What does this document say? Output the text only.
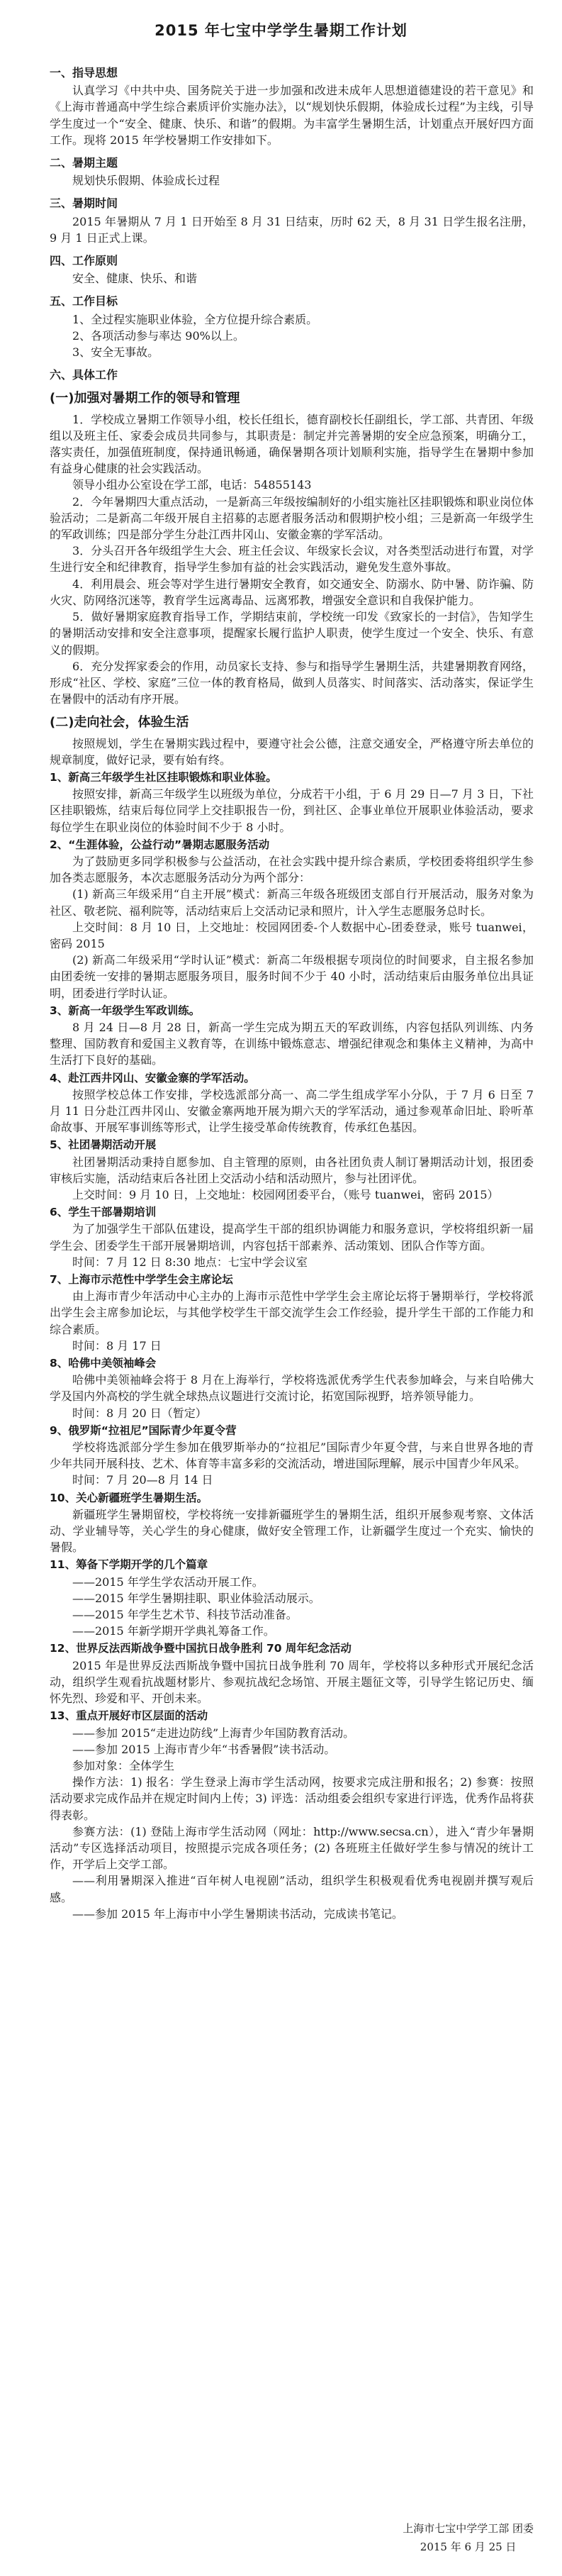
2015 年七宝中学学生暑期工作计划

一、指导思想

认真学习《中共中央、国务院关于进一步加强和改进未成年人思想道德建设的若干意见》和《上海市普通高中学生综合素质评价实施办法》，以“规划快乐假期，体验成长过程”为主线，引导学生度过一个“安全、健康、快乐、和谐”的假期。为丰富学生暑期生活，计划重点开展好四方面工作。现将 2015 年学校暑期工作安排如下。

二、暑期主题

规划快乐假期、体验成长过程

三、暑期时间

2015 年暑期从 7 月 1 日开始至 8 月 31 日结束，历时 62 天，8 月 31 日学生报名注册，9 月 1 日正式上课。

四、工作原则

安全、健康、快乐、和谐

五、工作目标

1、全过程实施职业体验，全方位提升综合素质。

2、各项活动参与率达 90%以上。

3、安全无事故。

六、具体工作

(一)加强对暑期工作的领导和管理

1．学校成立暑期工作领导小组，校长任组长，德育副校长任副组长，学工部、共青团、年级组以及班主任、家委会成员共同参与，其职责是：制定并完善暑期的安全应急预案，明确分工，落实责任，加强值班制度，保持通讯畅通，确保暑期各项计划顺利实施，指导学生在暑期中参加有益身心健康的社会实践活动。

领导小组办公室设在学工部，电话：54855143

2．今年暑期四大重点活动，一是新高三年级按编制好的小组实施社区挂职锻炼和职业岗位体验活动；二是新高二年级开展自主招募的志愿者服务活动和假期护校小组；三是新高一年级学生的军政训练；四是部分学生分赴江西井冈山、安徽金寨的学军活动。

3．分头召开各年级组学生大会、班主任会议、年级家长会议，对各类型活动进行布置，对学生进行安全和纪律教育，指导学生参加有益的社会实践活动，避免发生意外事故。

4．利用晨会、班会等对学生进行暑期安全教育，如交通安全、防溺水、防中暑、防诈骗、防火灾、防网络沉迷等，教育学生远离毒品、远离邪教，增强安全意识和自我保护能力。

5．做好暑期家庭教育指导工作，学期结束前，学校统一印发《致家长的一封信》，告知学生的暑期活动安排和安全注意事项，提醒家长履行监护人职责，使学生度过一个安全、快乐、有意义的假期。

6．充分发挥家委会的作用，动员家长支持、参与和指导学生暑期生活，共建暑期教育网络，形成“社区、学校、家庭”三位一体的教育格局，做到人员落实、时间落实、活动落实，保证学生在暑假中的活动有序开展。

(二)走向社会，体验生活

按照规划，学生在暑期实践过程中，要遵守社会公德，注意交通安全，严格遵守所去单位的规章制度，做好记录，要有始有终。

1、新高三年级学生社区挂职锻炼和职业体验。

按照安排，新高三年级学生以班级为单位，分成若干小组，于 6 月 29 日—7 月 3 日，下社区挂职锻炼，结束后每位同学上交挂职报告一份，到社区、企事业单位开展职业体验活动，要求每位学生在职业岗位的体验时间不少于 8 小时。

2、“生涯体验，公益行动”暑期志愿服务活动

为了鼓励更多同学积极参与公益活动，在社会实践中提升综合素质，学校团委将组织学生参加各类志愿服务，本次志愿服务活动分为两个部分：

(1) 新高三年级采用“自主开展”模式：新高三年级各班级团支部自行开展活动，服务对象为社区、敬老院、福利院等，活动结束后上交活动记录和照片，计入学生志愿服务总时长。

上交时间：8 月 10 日，上交地址：校园网团委-个人数据中心-团委登录，账号 tuanwei，密码 2015

(2) 新高二年级采用“学时认证”模式：新高二年级根据专项岗位的时间要求，自主报名参加由团委统一安排的暑期志愿服务项目，服务时间不少于 40 小时，活动结束后由服务单位出具证明，团委进行学时认证。

3、新高一年级学生军政训练。

8 月 24 日—8 月 28 日，新高一学生完成为期五天的军政训练，内容包括队列训练、内务整理、国防教育和爱国主义教育等，在训练中锻炼意志、增强纪律观念和集体主义精神，为高中生活打下良好的基础。

4、赴江西井冈山、安徽金寨的学军活动。

按照学校总体工作安排，学校选派部分高一、高二学生组成学军小分队，于 7 月 6 日至 7 月 11 日分赴江西井冈山、安徽金寨两地开展为期六天的学军活动，通过参观革命旧址、聆听革命故事、开展军事训练等形式，让学生接受革命传统教育，传承红色基因。

5、社团暑期活动开展

社团暑期活动秉持自愿参加、自主管理的原则，由各社团负责人制订暑期活动计划，报团委审核后实施，活动结束后各社团上交活动小结和活动照片，参与社团评优。

上交时间：9 月 10 日，上交地址：校园网团委平台，（账号 tuanwei，密码 2015）

6、学生干部暑期培训

为了加强学生干部队伍建设，提高学生干部的组织协调能力和服务意识，学校将组织新一届学生会、团委学生干部开展暑期培训，内容包括干部素养、活动策划、团队合作等方面。

时间：7 月 12 日 8:30 地点：七宝中学会议室

7、上海市示范性中学学生会主席论坛

由上海市青少年活动中心主办的上海市示范性中学学生会主席论坛将于暑期举行，学校将派出学生会主席参加论坛，与其他学校学生干部交流学生会工作经验，提升学生干部的工作能力和综合素质。

时间：8 月 17 日

8、哈佛中美领袖峰会

哈佛中美领袖峰会将于 8 月在上海举行，学校将选派优秀学生代表参加峰会，与来自哈佛大学及国内外高校的学生就全球热点议题进行交流讨论，拓宽国际视野，培养领导能力。

时间：8 月 20 日（暂定）

9、俄罗斯“拉祖尼”国际青少年夏令营

学校将选派部分学生参加在俄罗斯举办的“拉祖尼”国际青少年夏令营，与来自世界各地的青少年共同开展科技、艺术、体育等丰富多彩的交流活动，增进国际理解，展示中国青少年风采。

时间：7 月 20—8 月 14 日

10、关心新疆班学生暑期生活。

新疆班学生暑期留校，学校将统一安排新疆班学生的暑期生活，组织开展参观考察、文体活动、学业辅导等，关心学生的身心健康，做好安全管理工作，让新疆学生度过一个充实、愉快的暑假。

11、筹备下学期开学的几个篇章

——2015 年学生学农活动开展工作。

——2015 年学生暑期挂职、职业体验活动展示。

——2015 年学生艺术节、科技节活动准备。

——2015 年新学期开学典礼筹备工作。

12、世界反法西斯战争暨中国抗日战争胜利 70 周年纪念活动

2015 年是世界反法西斯战争暨中国抗日战争胜利 70 周年，学校将以多种形式开展纪念活动，组织学生观看抗战题材影片、参观抗战纪念场馆、开展主题征文等，引导学生铭记历史、缅怀先烈、珍爱和平、开创未来。

13、重点开展好市区层面的活动

——参加 2015“走进边防线”上海青少年国防教育活动。

——参加 2015 上海市青少年“书香暑假”读书活动。

参加对象：全体学生

操作方法：1) 报名：学生登录上海市学生活动网，按要求完成注册和报名；2) 参赛：按照活动要求完成作品并在规定时间内上传；3) 评选：活动组委会组织专家进行评选，优秀作品将获得表彰。

参赛方法：(1) 登陆上海市学生活动网（网址：http://www.secsa.cn），进入“青少年暑期活动”专区选择活动项目，按照提示完成各项任务；(2) 各班班主任做好学生参与情况的统计工作，开学后上交学工部。

——利用暑期深入推进“百年树人电视剧”活动，组织学生积极观看优秀电视剧并撰写观后感。

——参加 2015 年上海市中小学生暑期读书活动，完成读书笔记。

上海市七宝中学学工部 团委
2015 年 6 月 25 日
